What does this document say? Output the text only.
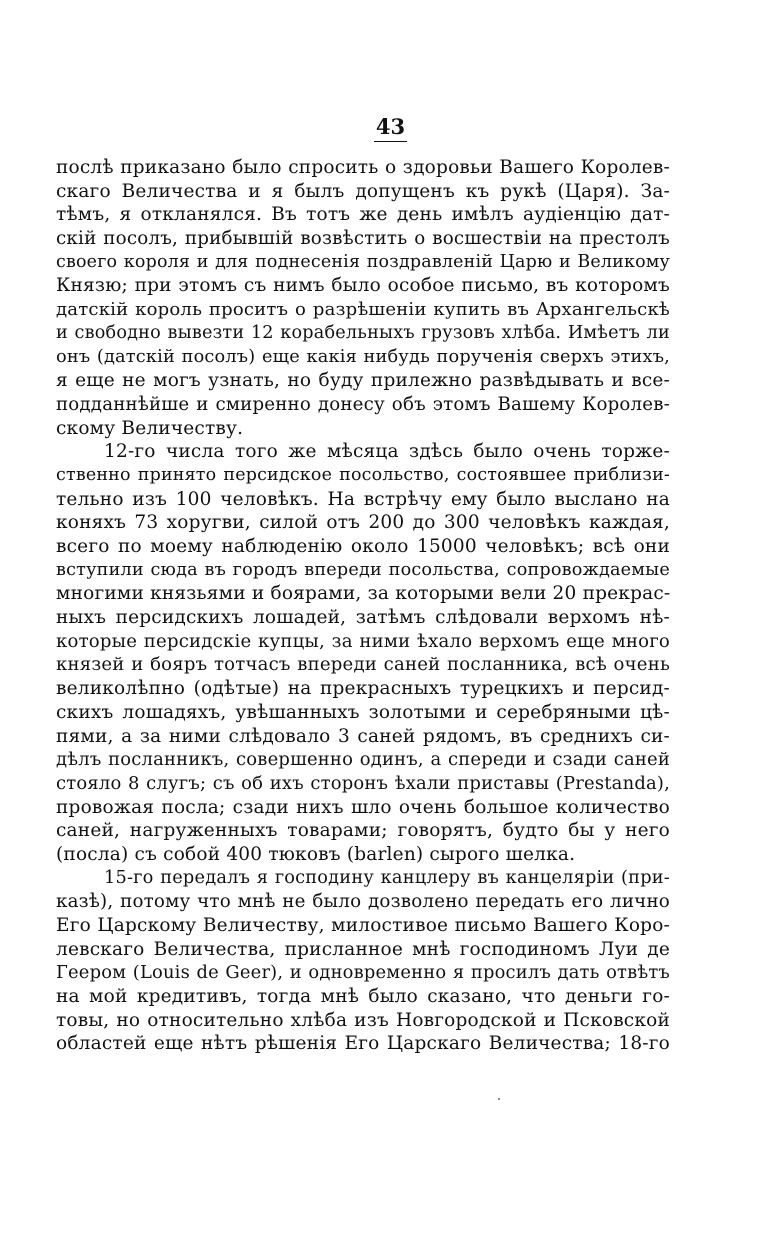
43
послѣ приказано было спросить о здоровьи Вашего Королев-
скаго Величества и я былъ допущенъ къ рукѣ (Царя). За-
тѣмъ, я откланялся. Въ тотъ же день имѣлъ аудіенцію дат-
скій посолъ, прибывшій возвѣстить о восшествіи на престолъ
своего короля и для поднесенія поздравленій Царю и Великому
Князю; при этомъ съ нимъ было особое письмо, въ которомъ
датскій король проситъ о разрѣшеніи купить въ Архангельскѣ
и свободно вывезти 12 корабельныхъ грузовъ хлѣба. Имѣетъ ли
онъ (датскій посолъ) еще какія нибудь порученія сверхъ этихъ,
я еще не могъ узнать, но буду прилежно развѣдывать и все-
подданнѣйше и смиренно донесу объ этомъ Вашему Королев-
скому Величеству.
12-го числа того же мѣсяца здѣсь было очень торже-
ственно принято персидское посольство, состоявшее приблизи-
тельно изъ 100 человѣкъ. На встрѣчу ему было выслано на
коняхъ 73 хоругви, силой отъ 200 до 300 человѣкъ каждая,
всего по моему наблюденію около 15000 человѣкъ; всѣ они
вступили сюда въ городъ впереди посольства, сопровождаемые
многими князьями и боярами, за которыми вели 20 прекрас-
ныхъ персидскихъ лошадей, затѣмъ слѣдовали верхомъ нѣ-
которые персидскіе купцы, за ними ѣхало верхомъ еще много
князей и бояръ тотчасъ впереди саней посланника, всѣ очень
великолѣпно (одѣтые) на прекрасныхъ турецкихъ и персид-
скихъ лошадяхъ, увѣшанныхъ золотыми и серебряными цѣ-
пями, а за ними слѣдовало 3 саней рядомъ, въ среднихъ си-
дѣлъ посланникъ, совершенно одинъ, а спереди и сзади саней
стояло 8 слугъ; съ об ихъ сторонъ ѣхали приставы (Prestanda),
провожая посла; сзади нихъ шло очень большое количество
саней, нагруженныхъ товарами; говорятъ, будто бы у него
(посла) съ собой 400 тюковъ (barlen) сырого шелка.
15-го передалъ я господину канцлеру въ канцеляріи (при-
казѣ), потому что мнѣ не было дозволено передать его лично
Его Царскому Величеству, милостивое письмо Вашего Коро-
левскаго Величества, присланное мнѣ господиномъ Луи де
Геером (Louis de Geer), и одновременно я просилъ дать отвѣтъ
на мой кредитивъ, тогда мнѣ было сказано, что деньги го-
товы, но относительно хлѣба изъ Новгородской и Псковской
областей еще нѣтъ рѣшенія Его Царскаго Величества; 18-го
